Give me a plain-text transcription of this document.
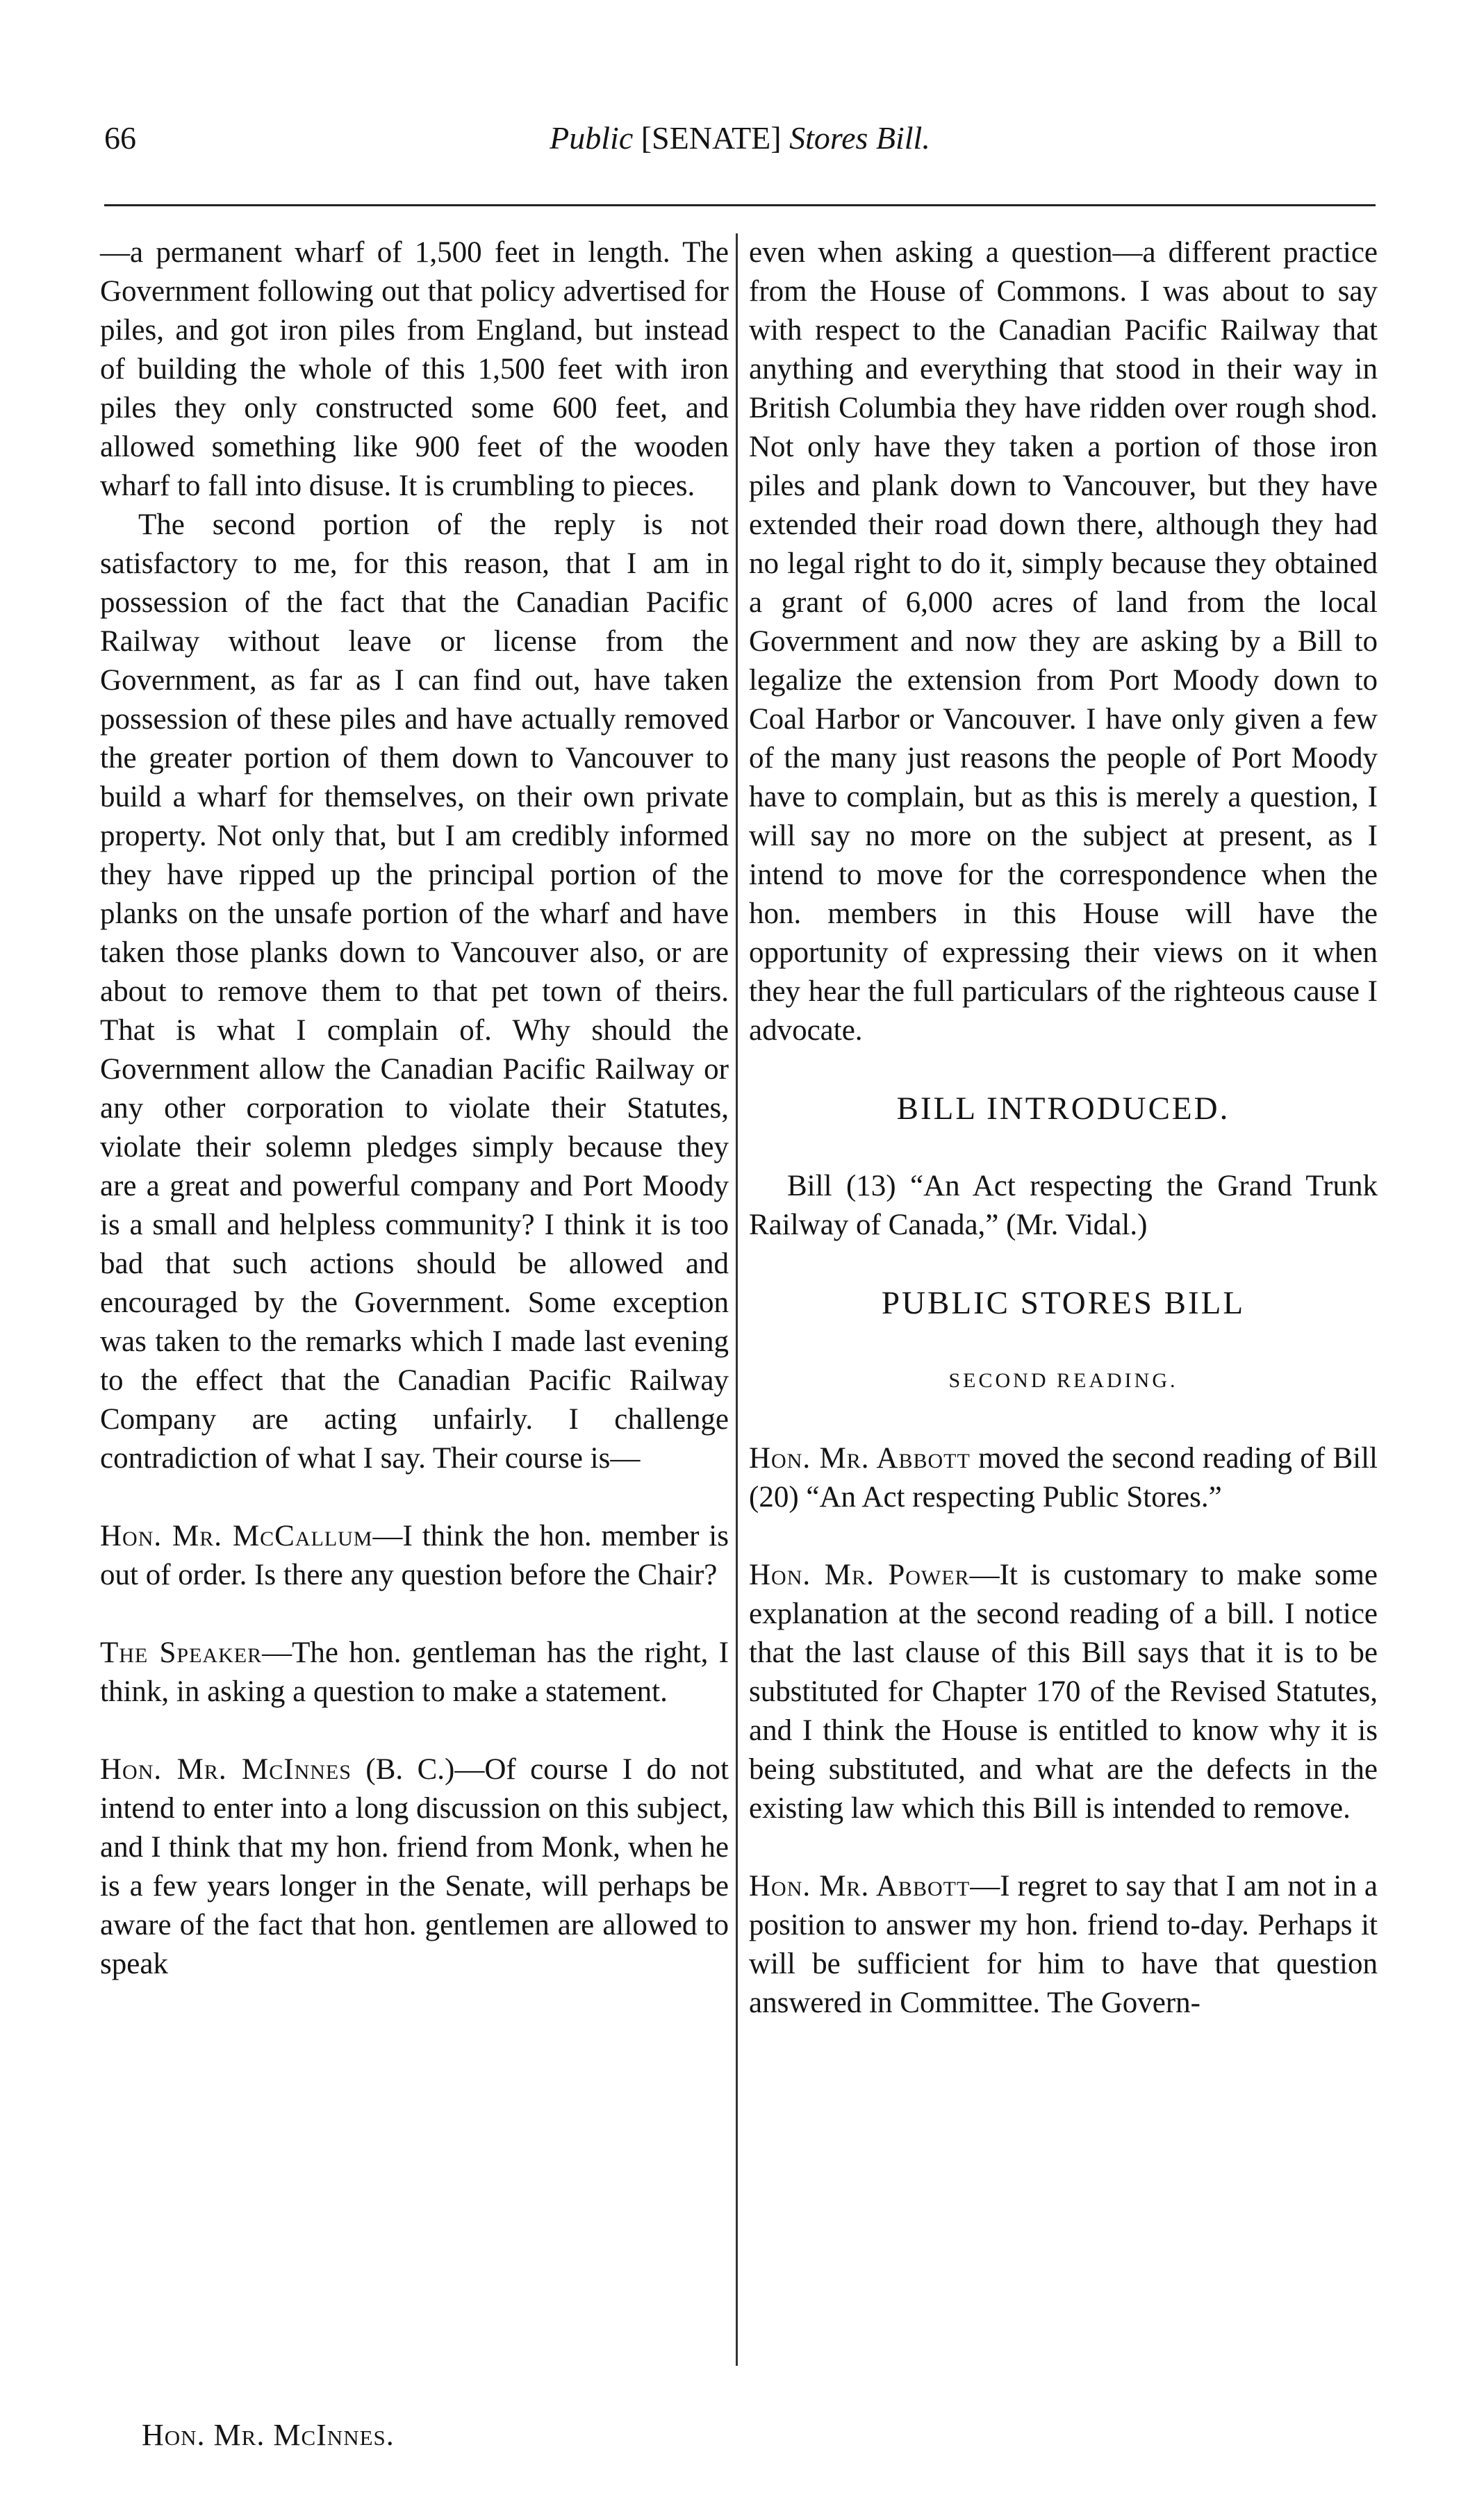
66	Public [SENATE] Stores Bill.

—a permanent wharf of 1,500 feet in length. The Government following out that policy advertised for piles, and got iron piles from England, but instead of building the whole of this 1,500 feet with iron piles they only constructed some 600 feet, and allowed something like 900 feet of the wooden wharf to fall into disuse. It is crumbling to pieces.

The second portion of the reply is not satisfactory to me, for this reason, that I am in possession of the fact that the Canadian Pacific Railway without leave or license from the Government, as far as I can find out, have taken possession of these piles and have actually removed the greater portion of them down to Vancouver to build a wharf for themselves, on their own private property. Not only that, but I am credibly informed they have ripped up the principal portion of the planks on the unsafe portion of the wharf and have taken those planks down to Vancouver also, or are about to remove them to that pet town of theirs. That is what I complain of. Why should the Government allow the Canadian Pacific Railway or any other corporation to violate their Statutes, violate their solemn pledges simply because they are a great and powerful company and Port Moody is a small and helpless community? I think it is too bad that such actions should be allowed and encouraged by the Government. Some exception was taken to the remarks which I made last evening to the effect that the Canadian Pacific Railway Company are acting unfairly. I challenge contradiction of what I say. Their course is—

Hon. Mr. McCallum—I think the hon. member is out of order. Is there any question before the Chair?

The Speaker—The hon. gentleman has the right, I think, in asking a question to make a statement.

Hon. Mr. McInnes (B. C.)—Of course I do not intend to enter into a long discussion on this subject, and I think that my hon. friend from Monk, when he is a few years longer in the Senate, will perhaps be aware of the fact that hon. gentlemen are allowed to speak

even when asking a question—a different practice from the House of Commons. I was about to say with respect to the Canadian Pacific Railway that anything and everything that stood in their way in British Columbia they have ridden over rough shod. Not only have they taken a portion of those iron piles and plank down to Vancouver, but they have extended their road down there, although they had no legal right to do it, simply because they obtained a grant of 6,000 acres of land from the local Government and now they are asking by a Bill to legalize the extension from Port Moody down to Coal Harbor or Vancouver. I have only given a few of the many just reasons the people of Port Moody have to complain, but as this is merely a question, I will say no more on the subject at present, as I intend to move for the correspondence when the hon. members in this House will have the opportunity of expressing their views on it when they hear the full particulars of the righteous cause I advocate.

BILL INTRODUCED.

Bill (13) “An Act respecting the Grand Trunk Railway of Canada,” (Mr. Vidal.)

PUBLIC STORES BILL

SECOND READING.

Hon. Mr. Abbott moved the second reading of Bill (20) “An Act respecting Public Stores.”

Hon. Mr. Power—It is customary to make some explanation at the second reading of a bill. I notice that the last clause of this Bill says that it is to be substituted for Chapter 170 of the Revised Statutes, and I think the House is entitled to know why it is being substituted, and what are the defects in the existing law which this Bill is intended to remove.

Hon. Mr. Abbott—I regret to say that I am not in a position to answer my hon. friend to-day. Perhaps it will be sufficient for him to have that question answered in Committee. The Govern-

Hon. Mr. McInnes.
